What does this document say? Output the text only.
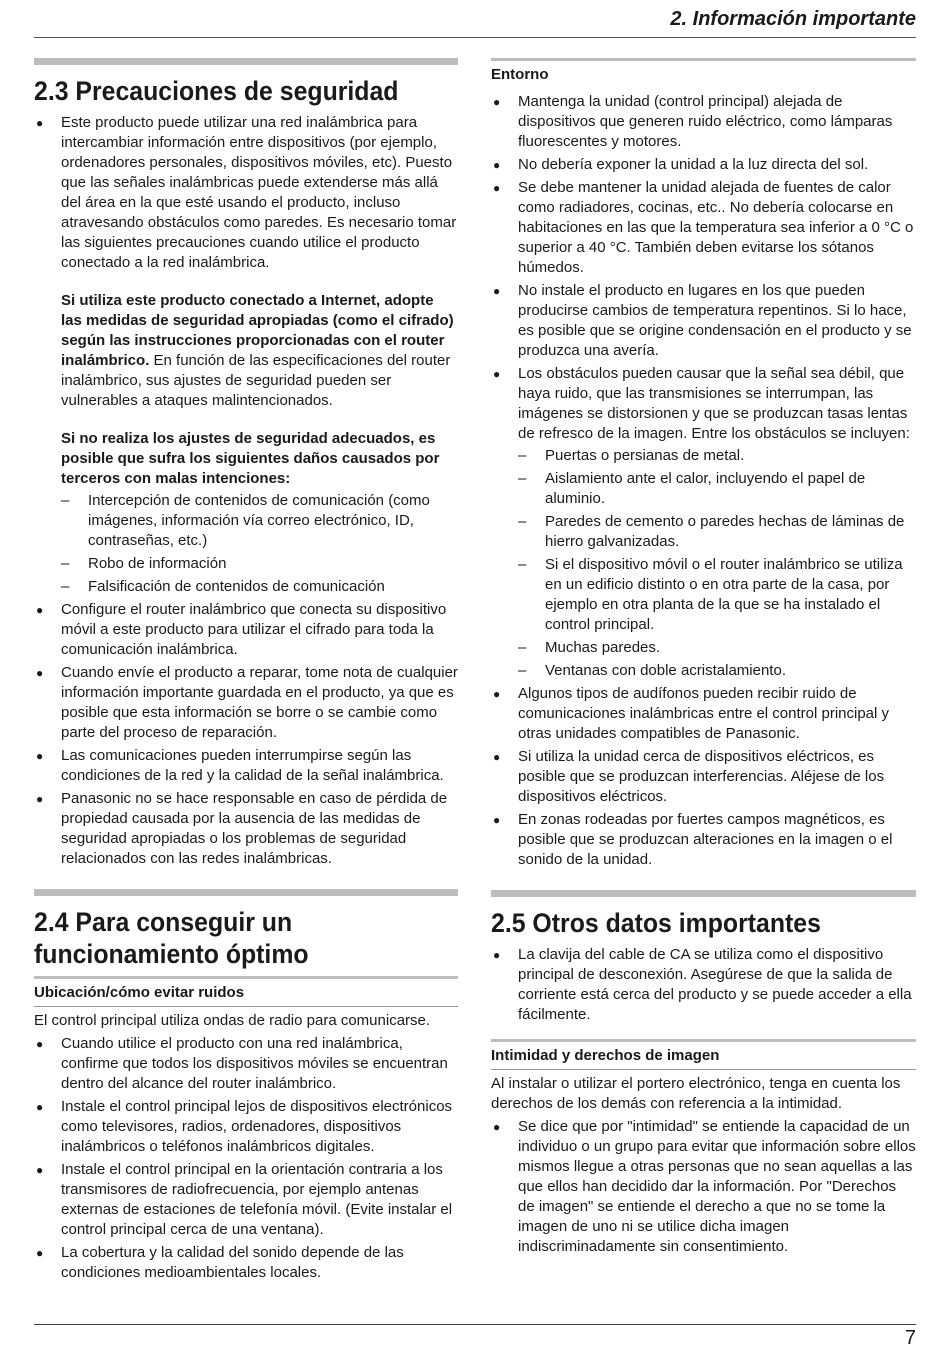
2. Información importante
2.3 Precauciones de seguridad
● Este producto puede utilizar una red inalámbrica para intercambiar información entre dispositivos (por ejemplo, ordenadores personales, dispositivos móviles, etc). Puesto que las señales inalámbricas puede extenderse más allá del área en la que esté usando el producto, incluso atravesando obstáculos como paredes. Es necesario tomar las siguientes precauciones cuando utilice el producto conectado a la red inalámbrica.
Si utiliza este producto conectado a Internet, adopte las medidas de seguridad apropiadas (como el cifrado) según las instrucciones proporcionadas con el router inalámbrico. En función de las especificaciones del router inalámbrico, sus ajustes de seguridad pueden ser vulnerables a ataques malintencionados.
Si no realiza los ajustes de seguridad adecuados, es posible que sufra los siguientes daños causados por terceros con malas intenciones:
– Intercepción de contenidos de comunicación (como imágenes, información vía correo electrónico, ID, contraseñas, etc.)
– Robo de información
– Falsificación de contenidos de comunicación
● Configure el router inalámbrico que conecta su dispositivo móvil a este producto para utilizar el cifrado para toda la comunicación inalámbrica.
● Cuando envíe el producto a reparar, tome nota de cualquier información importante guardada en el producto, ya que es posible que esta información se borre o se cambie como parte del proceso de reparación.
● Las comunicaciones pueden interrumpirse según las condiciones de la red y la calidad de la señal inalámbrica.
● Panasonic no se hace responsable en caso de pérdida de propiedad causada por la ausencia de las medidas de seguridad apropiadas o los problemas de seguridad relacionados con las redes inalámbricas.
2.4 Para conseguir un funcionamiento óptimo
Ubicación/cómo evitar ruidos
El control principal utiliza ondas de radio para comunicarse.
● Cuando utilice el producto con una red inalámbrica, confirme que todos los dispositivos móviles se encuentran dentro del alcance del router inalámbrico.
● Instale el control principal lejos de dispositivos electrónicos como televisores, radios, ordenadores, dispositivos inalámbricos o teléfonos inalámbricos digitales.
● Instale el control principal en la orientación contraria a los transmisores de radiofrecuencia, por ejemplo antenas externas de estaciones de telefonía móvil. (Evite instalar el control principal cerca de una ventana).
● La cobertura y la calidad del sonido depende de las condiciones medioambientales locales.
Entorno
● Mantenga la unidad (control principal) alejada de dispositivos que generen ruido eléctrico, como lámparas fluorescentes y motores.
● No debería exponer la unidad a la luz directa del sol.
● Se debe mantener la unidad alejada de fuentes de calor como radiadores, cocinas, etc.. No debería colocarse en habitaciones en las que la temperatura sea inferior a 0 °C o superior a 40 °C. También deben evitarse los sótanos húmedos.
● No instale el producto en lugares en los que pueden producirse cambios de temperatura repentinos. Si lo hace, es posible que se origine condensación en el producto y se produzca una avería.
● Los obstáculos pueden causar que la señal sea débil, que haya ruido, que las transmisiones se interrumpan, las imágenes se distorsionen y que se produzcan tasas lentas de refresco de la imagen. Entre los obstáculos se incluyen:
– Puertas o persianas de metal.
– Aislamiento ante el calor, incluyendo el papel de aluminio.
– Paredes de cemento o paredes hechas de láminas de hierro galvanizadas.
– Si el dispositivo móvil o el router inalámbrico se utiliza en un edificio distinto o en otra parte de la casa, por ejemplo en otra planta de la que se ha instalado el control principal.
– Muchas paredes.
– Ventanas con doble acristalamiento.
● Algunos tipos de audífonos pueden recibir ruido de comunicaciones inalámbricas entre el control principal y otras unidades compatibles de Panasonic.
● Si utiliza la unidad cerca de dispositivos eléctricos, es posible que se produzcan interferencias. Aléjese de los dispositivos eléctricos.
● En zonas rodeadas por fuertes campos magnéticos, es posible que se produzcan alteraciones en la imagen o el sonido de la unidad.
2.5 Otros datos importantes
● La clavija del cable de CA se utiliza como el dispositivo principal de desconexión. Asegúrese de que la salida de corriente está cerca del producto y se puede acceder a ella fácilmente.
Intimidad y derechos de imagen
Al instalar o utilizar el portero electrónico, tenga en cuenta los derechos de los demás con referencia a la intimidad.
● Se dice que por "intimidad" se entiende la capacidad de un individuo o un grupo para evitar que información sobre ellos mismos llegue a otras personas que no sean aquellas a las que ellos han decidido dar la información. Por "Derechos de imagen" se entiende el derecho a que no se tome la imagen de uno ni se utilice dicha imagen indiscriminadamente sin consentimiento.
7
